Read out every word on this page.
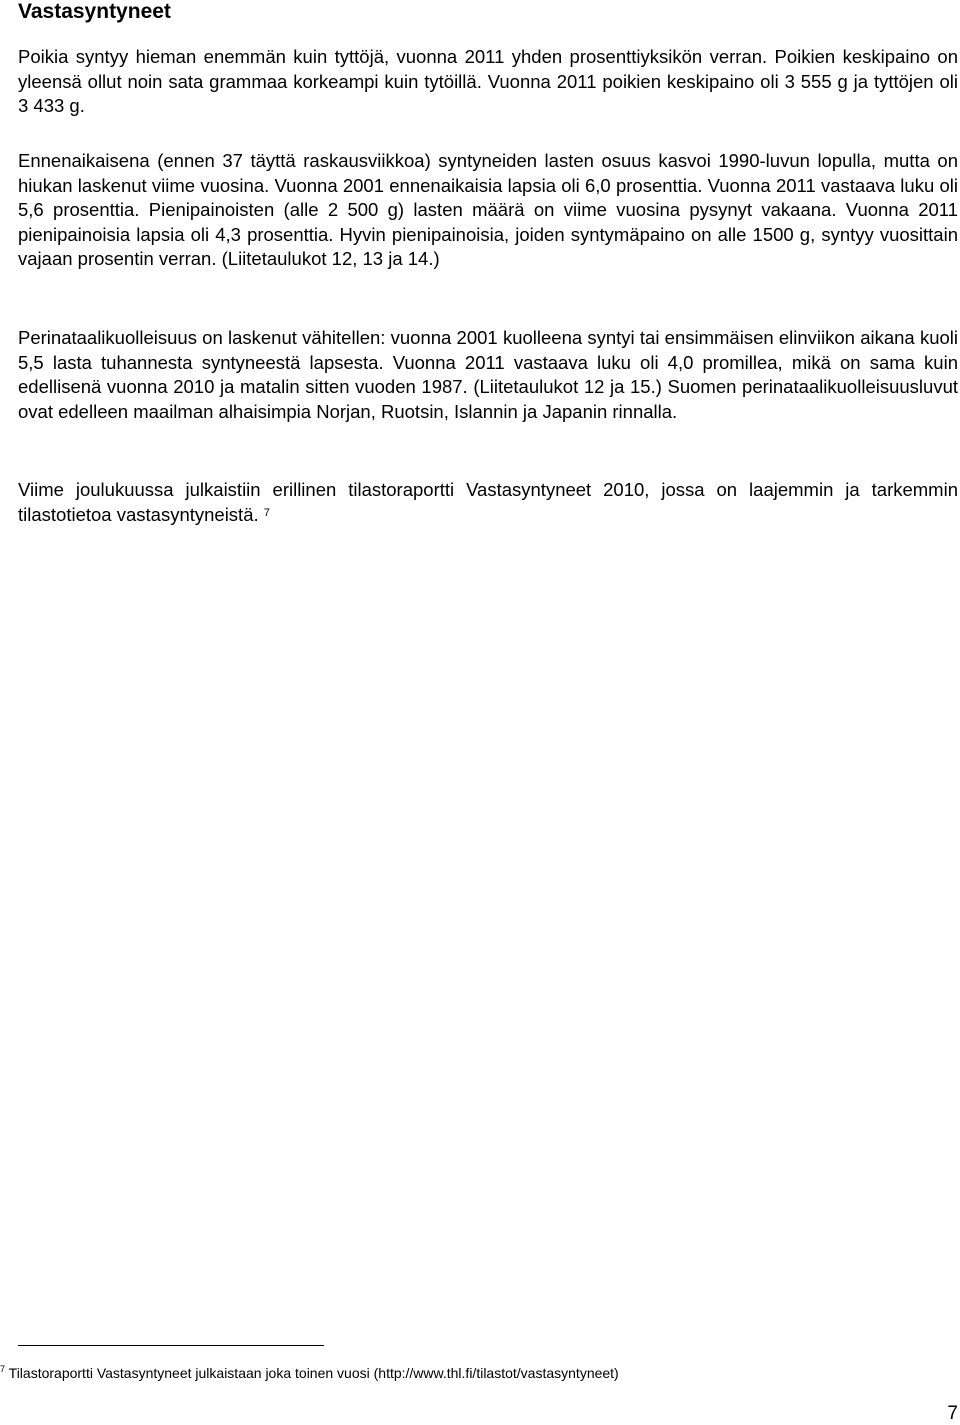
Vastasyntyneet

Poikia syntyy hieman enemmän kuin tyttöjä, vuonna 2011 yhden prosenttiyksikön verran. Poikien keskipaino on yleensä ollut noin sata grammaa korkeampi kuin tytöillä. Vuonna 2011 poikien keskipaino oli 3 555 g ja tyttöjen oli 3 433 g.

Ennenaikaisena (ennen 37 täyttä raskausviikkoa) syntyneiden lasten osuus kasvoi 1990-luvun lopulla, mutta on hiukan laskenut viime vuosina. Vuonna 2001 ennenaikaisia lapsia oli 6,0 prosenttia. Vuonna 2011 vastaava luku oli 5,6 prosenttia. Pienipainoisten (alle 2 500 g) lasten määrä on viime vuosina pysynyt vakaana. Vuonna 2011 pienipainoisia lapsia oli 4,3 prosenttia. Hyvin pienipainoisia, joiden syntymäpaino on alle 1500 g, syntyy vuosittain vajaan prosentin verran. (Liitetaulukot 12, 13 ja 14.)

Perinataalikuolleisuus on laskenut vähitellen: vuonna 2001 kuolleena syntyi tai ensimmäisen elinviikon aikana kuoli 5,5 lasta tuhannesta syntyneestä lapsesta. Vuonna 2011 vastaava luku oli 4,0 promillea, mikä on sama kuin edellisenä vuonna 2010 ja matalin sitten vuoden 1987. (Liitetaulukot 12 ja 15.) Suomen perinataalikuolleisuusluvut ovat edelleen maailman alhaisimpia Norjan, Ruotsin, Islannin ja Japanin rinnalla.

Viime joulukuussa julkaistiin erillinen tilastoraportti Vastasyntyneet 2010, jossa on laajemmin ja tarkemmin tilastotietoa vastasyntyneistä. $^7$

$^7$ Tilastoraportti Vastasyntyneet julkaistaan joka toinen vuosi (http://www.thl.fi/tilastot/vastasyntyneet)

7
